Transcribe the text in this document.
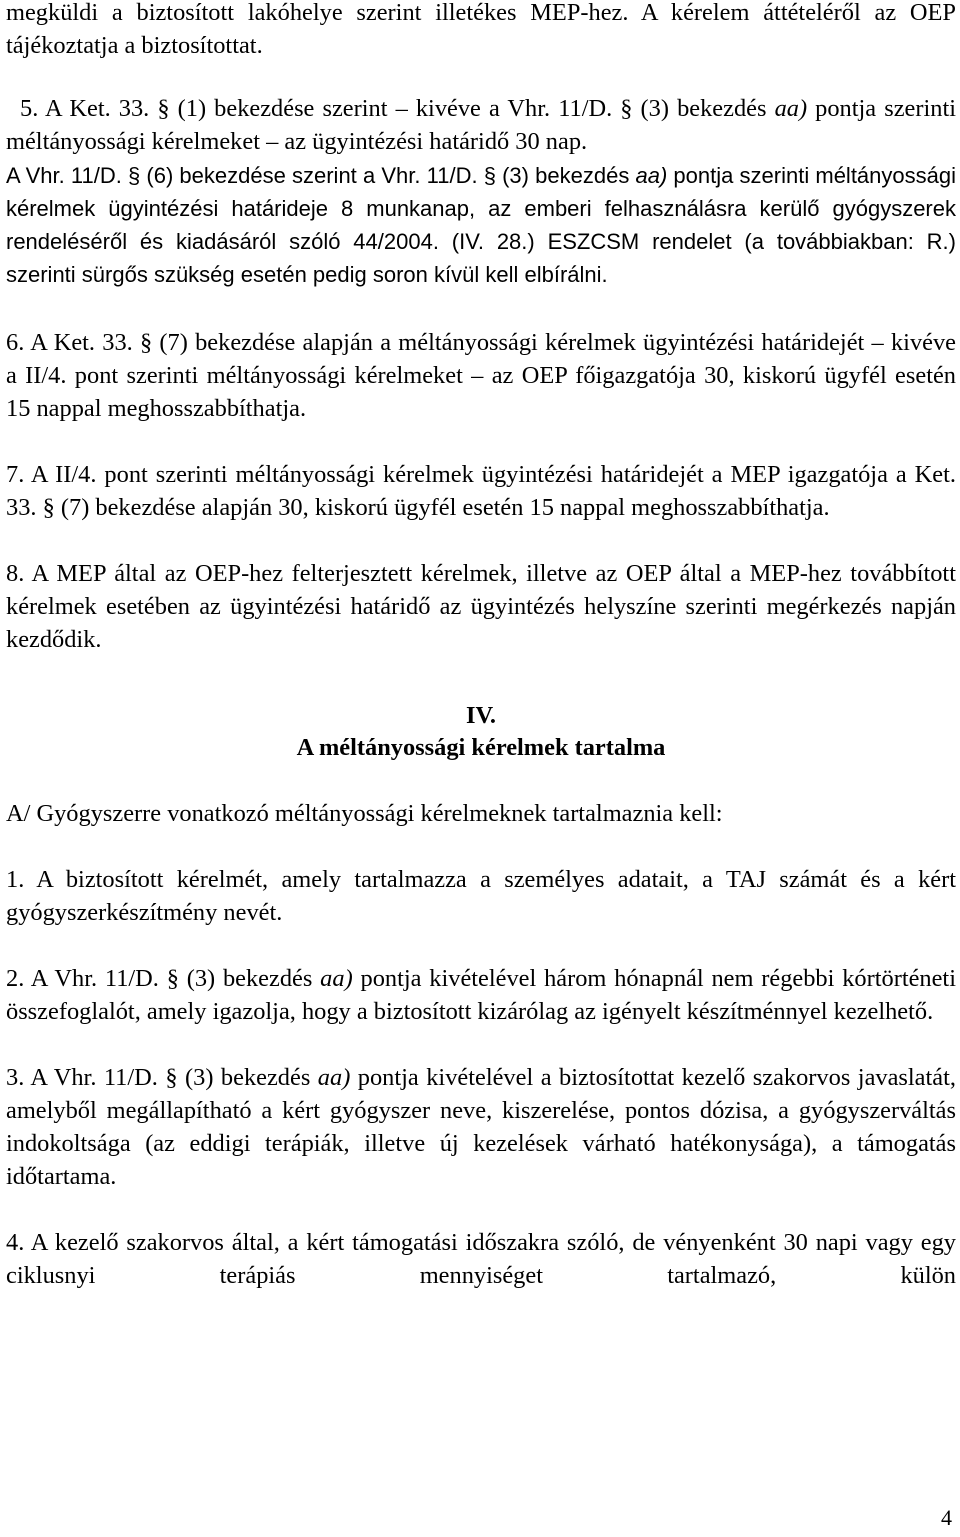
megküldi a biztosított lakóhelye szerint illetékes MEP-hez. A kérelem áttételéről az OEP tájékoztatja a biztosítottat.

5. A Ket. 33. § (1) bekezdése szerint – kivéve a Vhr. 11/D. § (3) bekezdés aa) pontja szerinti méltányossági kérelmeket – az ügyintézési határidő 30 nap.

A Vhr. 11/D. § (6) bekezdése szerint a Vhr. 11/D. § (3) bekezdés aa) pontja szerinti méltányossági kérelmek ügyintézési határideje 8 munkanap, az emberi felhasználásra kerülő gyógyszerek rendeléséről és kiadásáról szóló 44/2004. (IV. 28.) ESZCSM rendelet (a továbbiakban: R.) szerinti sürgős szükség esetén pedig soron kívül kell elbírálni.

6. A Ket. 33. § (7) bekezdése alapján a méltányossági kérelmek ügyintézési határidejét – kivéve a II/4. pont szerinti méltányossági kérelmeket – az OEP főigazgatója 30, kiskorú ügyfél esetén 15 nappal meghosszabbíthatja.

7. A II/4. pont szerinti méltányossági kérelmek ügyintézési határidejét a MEP igazgatója a Ket. 33. § (7) bekezdése alapján 30, kiskorú ügyfél esetén 15 nappal meghosszabbíthatja.

8. A MEP által az OEP-hez felterjesztett kérelmek, illetve az OEP által a MEP-hez továbbított kérelmek esetében az ügyintézési határidő az ügyintézés helyszíne szerinti megérkezés napján kezdődik.

IV.

A méltányossági kérelmek tartalma

A/ Gyógyszerre vonatkozó méltányossági kérelmeknek tartalmaznia kell:

1. A biztosított kérelmét, amely tartalmazza a személyes adatait, a TAJ számát és a kért gyógyszerkészítmény nevét.

2. A Vhr. 11/D. § (3) bekezdés aa) pontja kivételével három hónapnál nem régebbi kórtörténeti összefoglalót, amely igazolja, hogy a biztosított kizárólag az igényelt készítménnyel kezelhető.

3. A Vhr. 11/D. § (3) bekezdés aa) pontja kivételével a biztosítottat kezelő szakorvos javaslatát, amelyből megállapítható a kért gyógyszer neve, kiszerelése, pontos dózisa, a gyógyszerváltás indokoltsága (az eddigi terápiák, illetve új kezelések várható hatékonysága), a támogatás időtartama.

4. A kezelő szakorvos által, a kért támogatási időszakra szóló, de vényenként 30 napi vagy egy ciklusnyi terápiás mennyiséget tartalmazó, külön

4
